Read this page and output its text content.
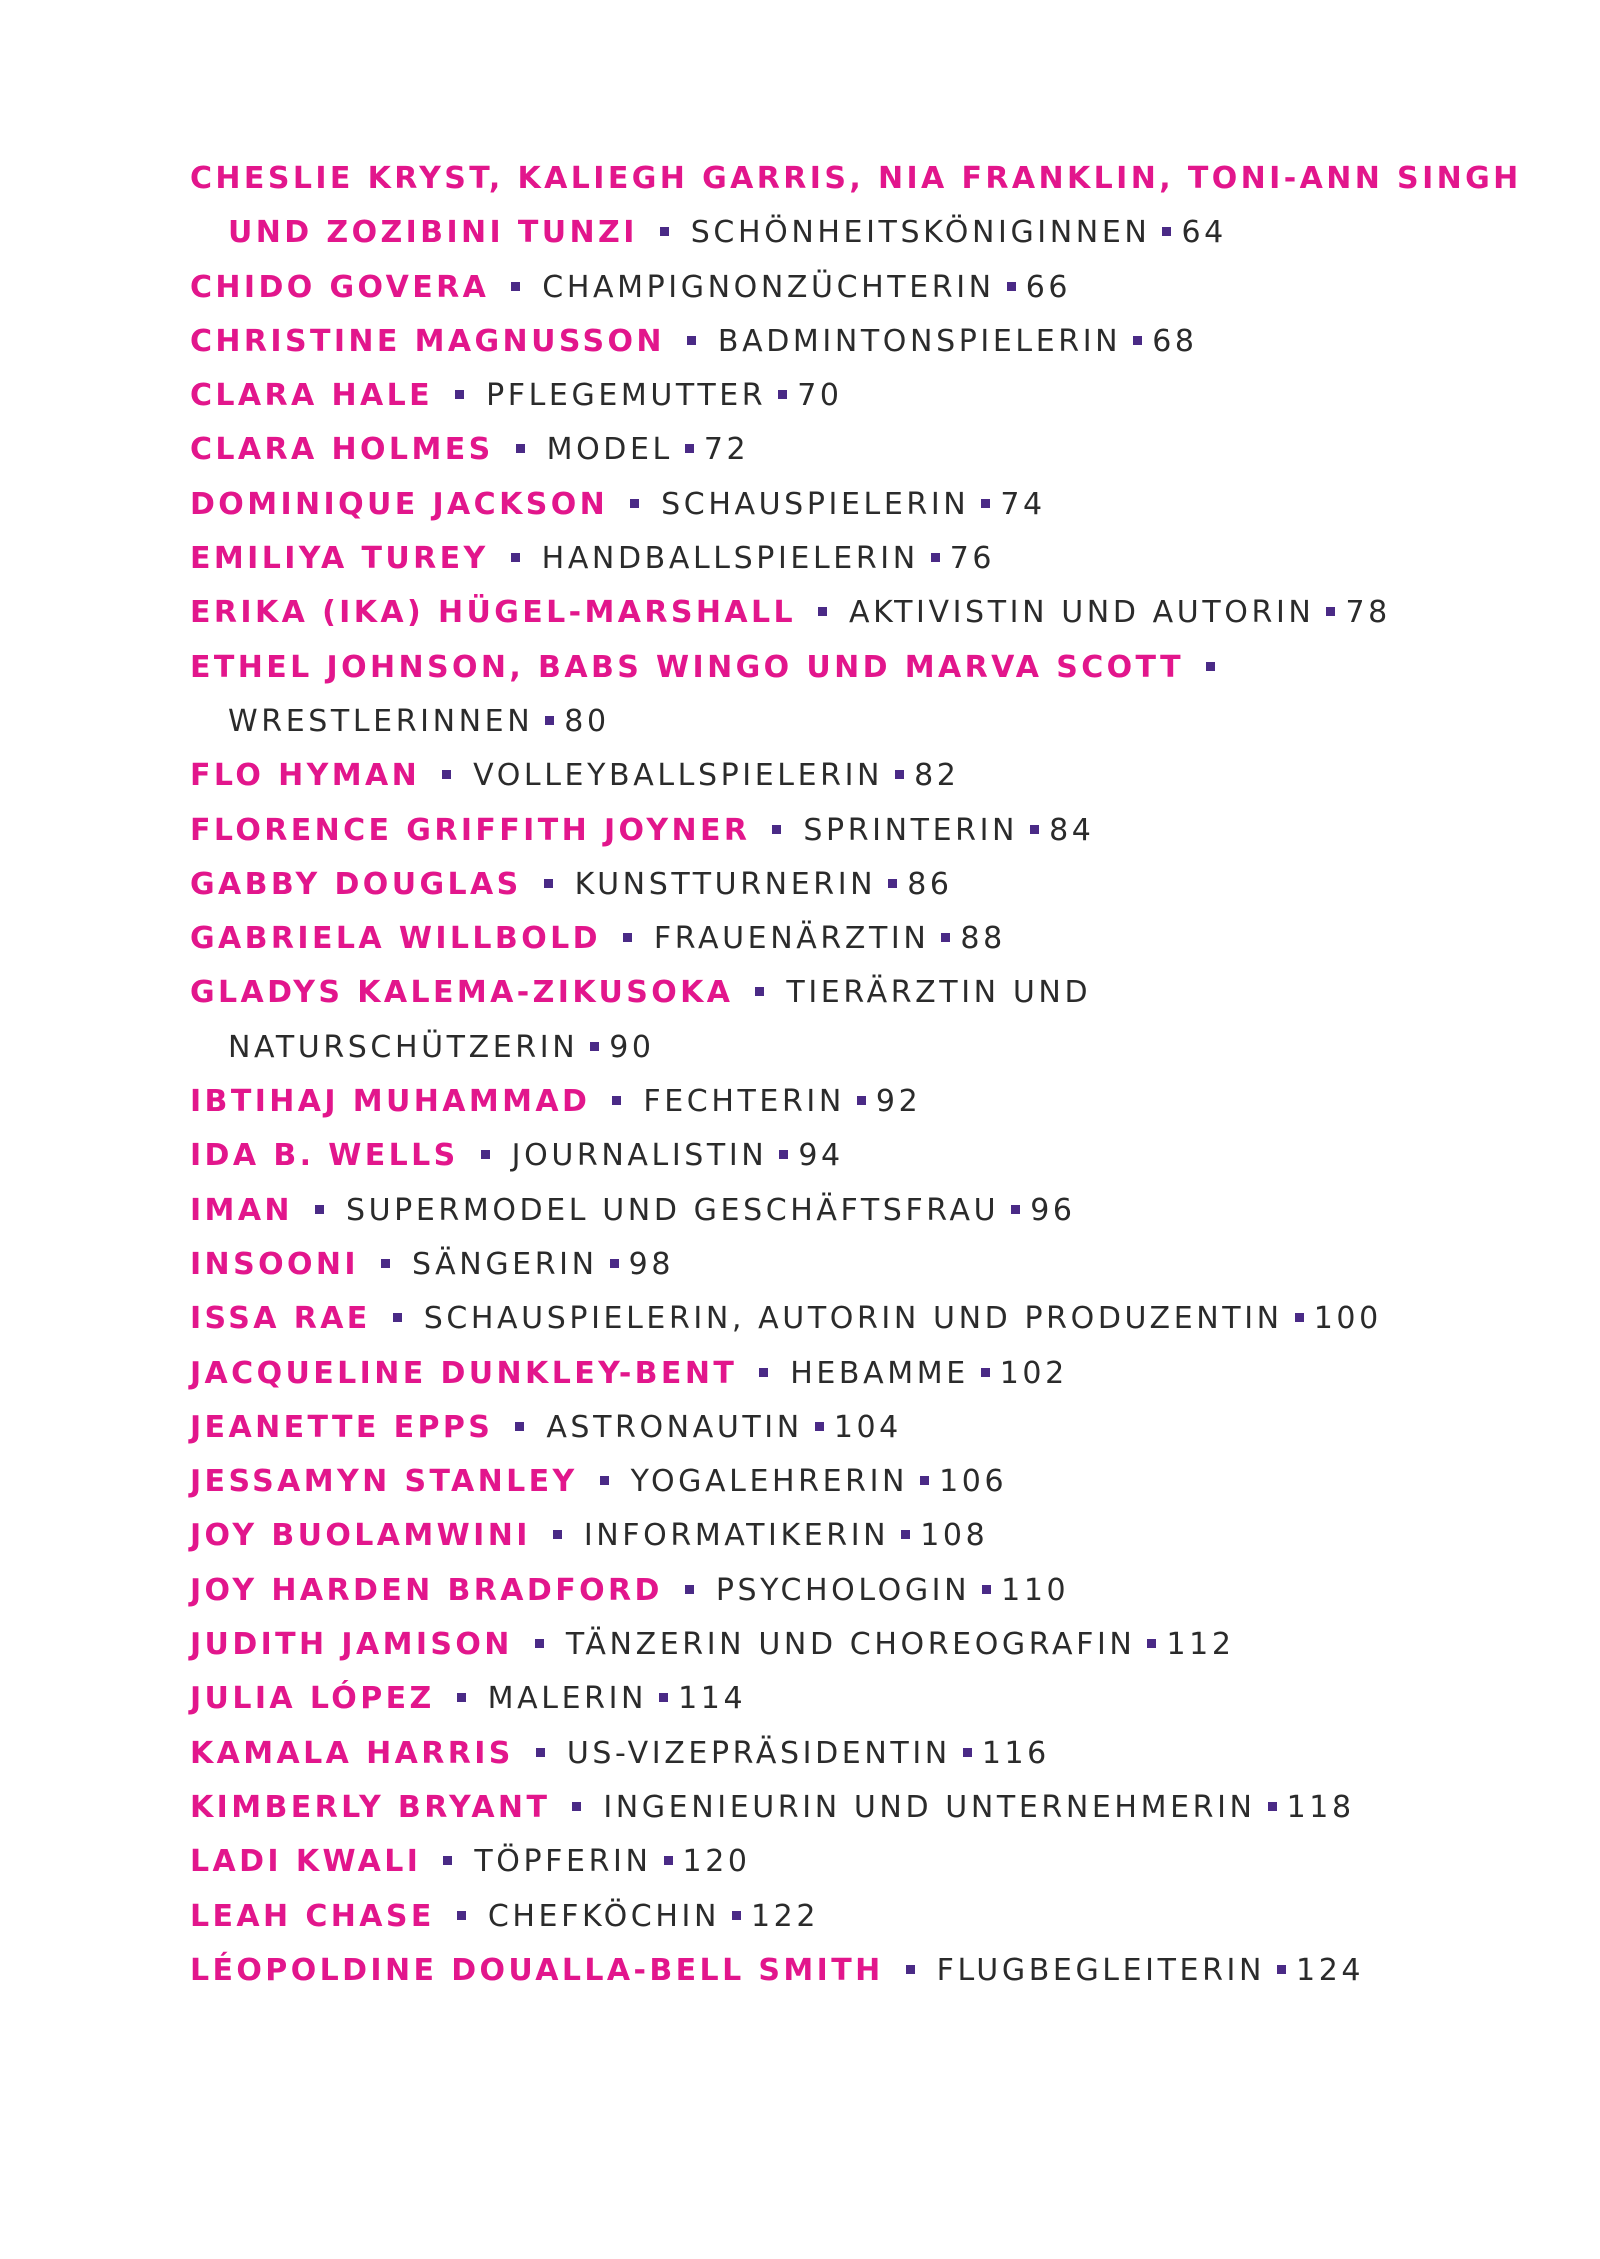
CHESLIE KRYST, KALIEGH GARRIS, NIA FRANKLIN, TONI-ANN SINGH
UND ZOZIBINI TUNZI SCHÖNHEITSKÖNIGINNEN 64
CHIDO GOVERA CHAMPIGNONZÜCHTERIN 66
CHRISTINE MAGNUSSON BADMINTONSPIELERIN 68
CLARA HALE PFLEGEMUTTER 70
CLARA HOLMES MODEL 72
DOMINIQUE JACKSON SCHAUSPIELERIN 74
EMILIYA TUREY HANDBALLSPIELERIN 76
ERIKA (IKA) HÜGEL-MARSHALL AKTIVISTIN UND AUTORIN 78
ETHEL JOHNSON, BABS WINGO UND MARVA SCOTT
WRESTLERINNEN 80
FLO HYMAN VOLLEYBALLSPIELERIN 82
FLORENCE GRIFFITH JOYNER SPRINTERIN 84
GABBY DOUGLAS KUNSTTURNERIN 86
GABRIELA WILLBOLD FRAUENÄRZTIN 88
GLADYS KALEMA-ZIKUSOKA TIERÄRZTIN UND
NATURSCHÜTZERIN 90
IBTIHAJ MUHAMMAD FECHTERIN 92
IDA B. WELLS JOURNALISTIN 94
IMAN SUPERMODEL UND GESCHÄFTSFRAU 96
INSOONI SÄNGERIN 98
ISSA RAE SCHAUSPIELERIN, AUTORIN UND PRODUZENTIN 100
JACQUELINE DUNKLEY-BENT HEBAMME 102
JEANETTE EPPS ASTRONAUTIN 104
JESSAMYN STANLEY YOGALEHRERIN 106
JOY BUOLAMWINI INFORMATIKERIN 108
JOY HARDEN BRADFORD PSYCHOLOGIN 110
JUDITH JAMISON TÄNZERIN UND CHOREOGRAFIN 112
JULIA LÓPEZ MALERIN 114
KAMALA HARRIS US-VIZEPRÄSIDENTIN 116
KIMBERLY BRYANT INGENIEURIN UND UNTERNEHMERIN 118
LADI KWALI TÖPFERIN 120
LEAH CHASE CHEFKÖCHIN 122
LÉOPOLDINE DOUALLA-BELL SMITH FLUGBEGLEITERIN 124
